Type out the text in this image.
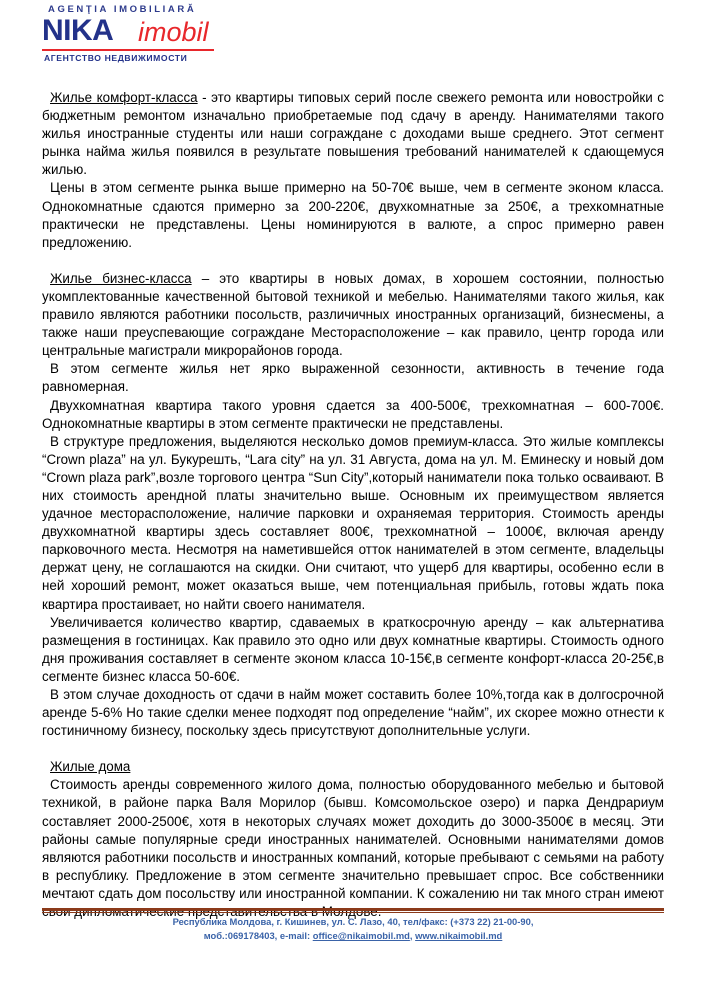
AGENŢIA IMOBILIARĂ
NIKA imobil
АГЕНТСТВО НЕДВИЖИМОСТИ

Жилье комфорт-класса - это квартиры типовых серий после свежего ремонта или новостройки с бюджетным ремонтом изначально приобретаемые под сдачу в аренду. Нанимателями такого жилья иностранные студенты или наши сограждане с доходами выше среднего. Этот сегмент рынка найма жилья появился в результате повышения требований нанимателей к сдающемуся жилью.

Цены в этом сегменте рынка выше примерно на 50-70€ выше, чем в сегменте эконом класса. Однокомнатные сдаются примерно за 200-220€, двухкомнатные за 250€, а трехкомнатные практически не представлены. Цены номинируются в валюте, а спрос примерно равен предложению.

Жилье бизнес-класса – это квартиры в новых домах, в хорошем состоянии, полностью укомплектованные качественной бытовой техникой и мебелью. Нанимателями такого жилья, как правило являются работники посольств, различичных иностранных организаций, бизнесмены, а также наши преуспевающие сограждане Месторасположение – как правило, центр города или центральные магистрали микрорайонов города.

В этом сегменте жилья нет ярко выраженной сезонности, активность в течение года равномерная.

Двухкомнатная квартира такого уровня сдается за 400-500€, трехкомнатная – 600-700€. Однокомнатные квартиры в этом сегменте практически не представлены.

В структуре предложения, выделяются несколько домов премиум-класса. Это жилые комплексы “Crown plaza” на ул. Букурешть, “Lara city” на ул. 31 Августа, дома на ул. М. Еминеску и новый дом “Crown plaza park”,возле торгового центра “Sun City”,который наниматели пока только осваивают. В них стоимость арендной платы значительно выше. Основным их преимуществом является удачное месторасположение, наличие парковки и охраняемая территория. Стоимость аренды двухкомнатной квартиры здесь составляет 800€, трехкомнатной – 1000€, включая аренду парковочного места. Несмотря на наметившейся отток нанимателей в этом сегменте, владельцы держат цену, не соглашаются на скидки. Они считают, что ущерб для квартиры, особенно если в ней хороший ремонт, может оказаться выше, чем потенциальная прибыль, готовы ждать пока квартира простаивает, но найти своего нанимателя.

Увеличивается количество квартир, сдаваемых в краткосрочную аренду – как альтернатива размещения в гостиницах. Как правило это одно или двух комнатные квартиры. Стоимость одного дня проживания составляет в сегменте эконом класса 10-15€,в сегменте конфорт-класса 20-25€,в сегменте бизнес класса 50-60€.

В этом случае доходность от сдачи в найм может составить более 10%,тогда как в долгосрочной аренде 5-6% Но такие сделки менее подходят под определение “найм”, их скорее можно отнести к гостиничному бизнесу, поскольку здесь присутствуют дополнительные услуги.

Жилые дома

Стоимость аренды современного жилого дома, полностью оборудованного мебелью и бытовой техникой, в районе парка Валя Морилор (бывш. Комсомольское озеро) и парка Дендрариум составляет 2000-2500€, хотя в некоторых случаях может доходить до 3000-3500€ в месяц. Эти районы самые популярные среди иностранных нанимателей. Основными нанимателями домов являются работники посольств и иностранных компаний, которые пребывают с семьями на работу в республику. Предложение в этом сегменте значительно превышает спрос. Все собственники мечтают сдать дом посольству или иностранной компании. К сожалению ни так много стран имеют

Республика Молдова, г. Кишинев, ул. С. Лазо, 40, тел/факс: (+373 22) 21-00-90,
моб.:069178403, e-mail: office@nikaimobil.md, www.nikaimobil.md
